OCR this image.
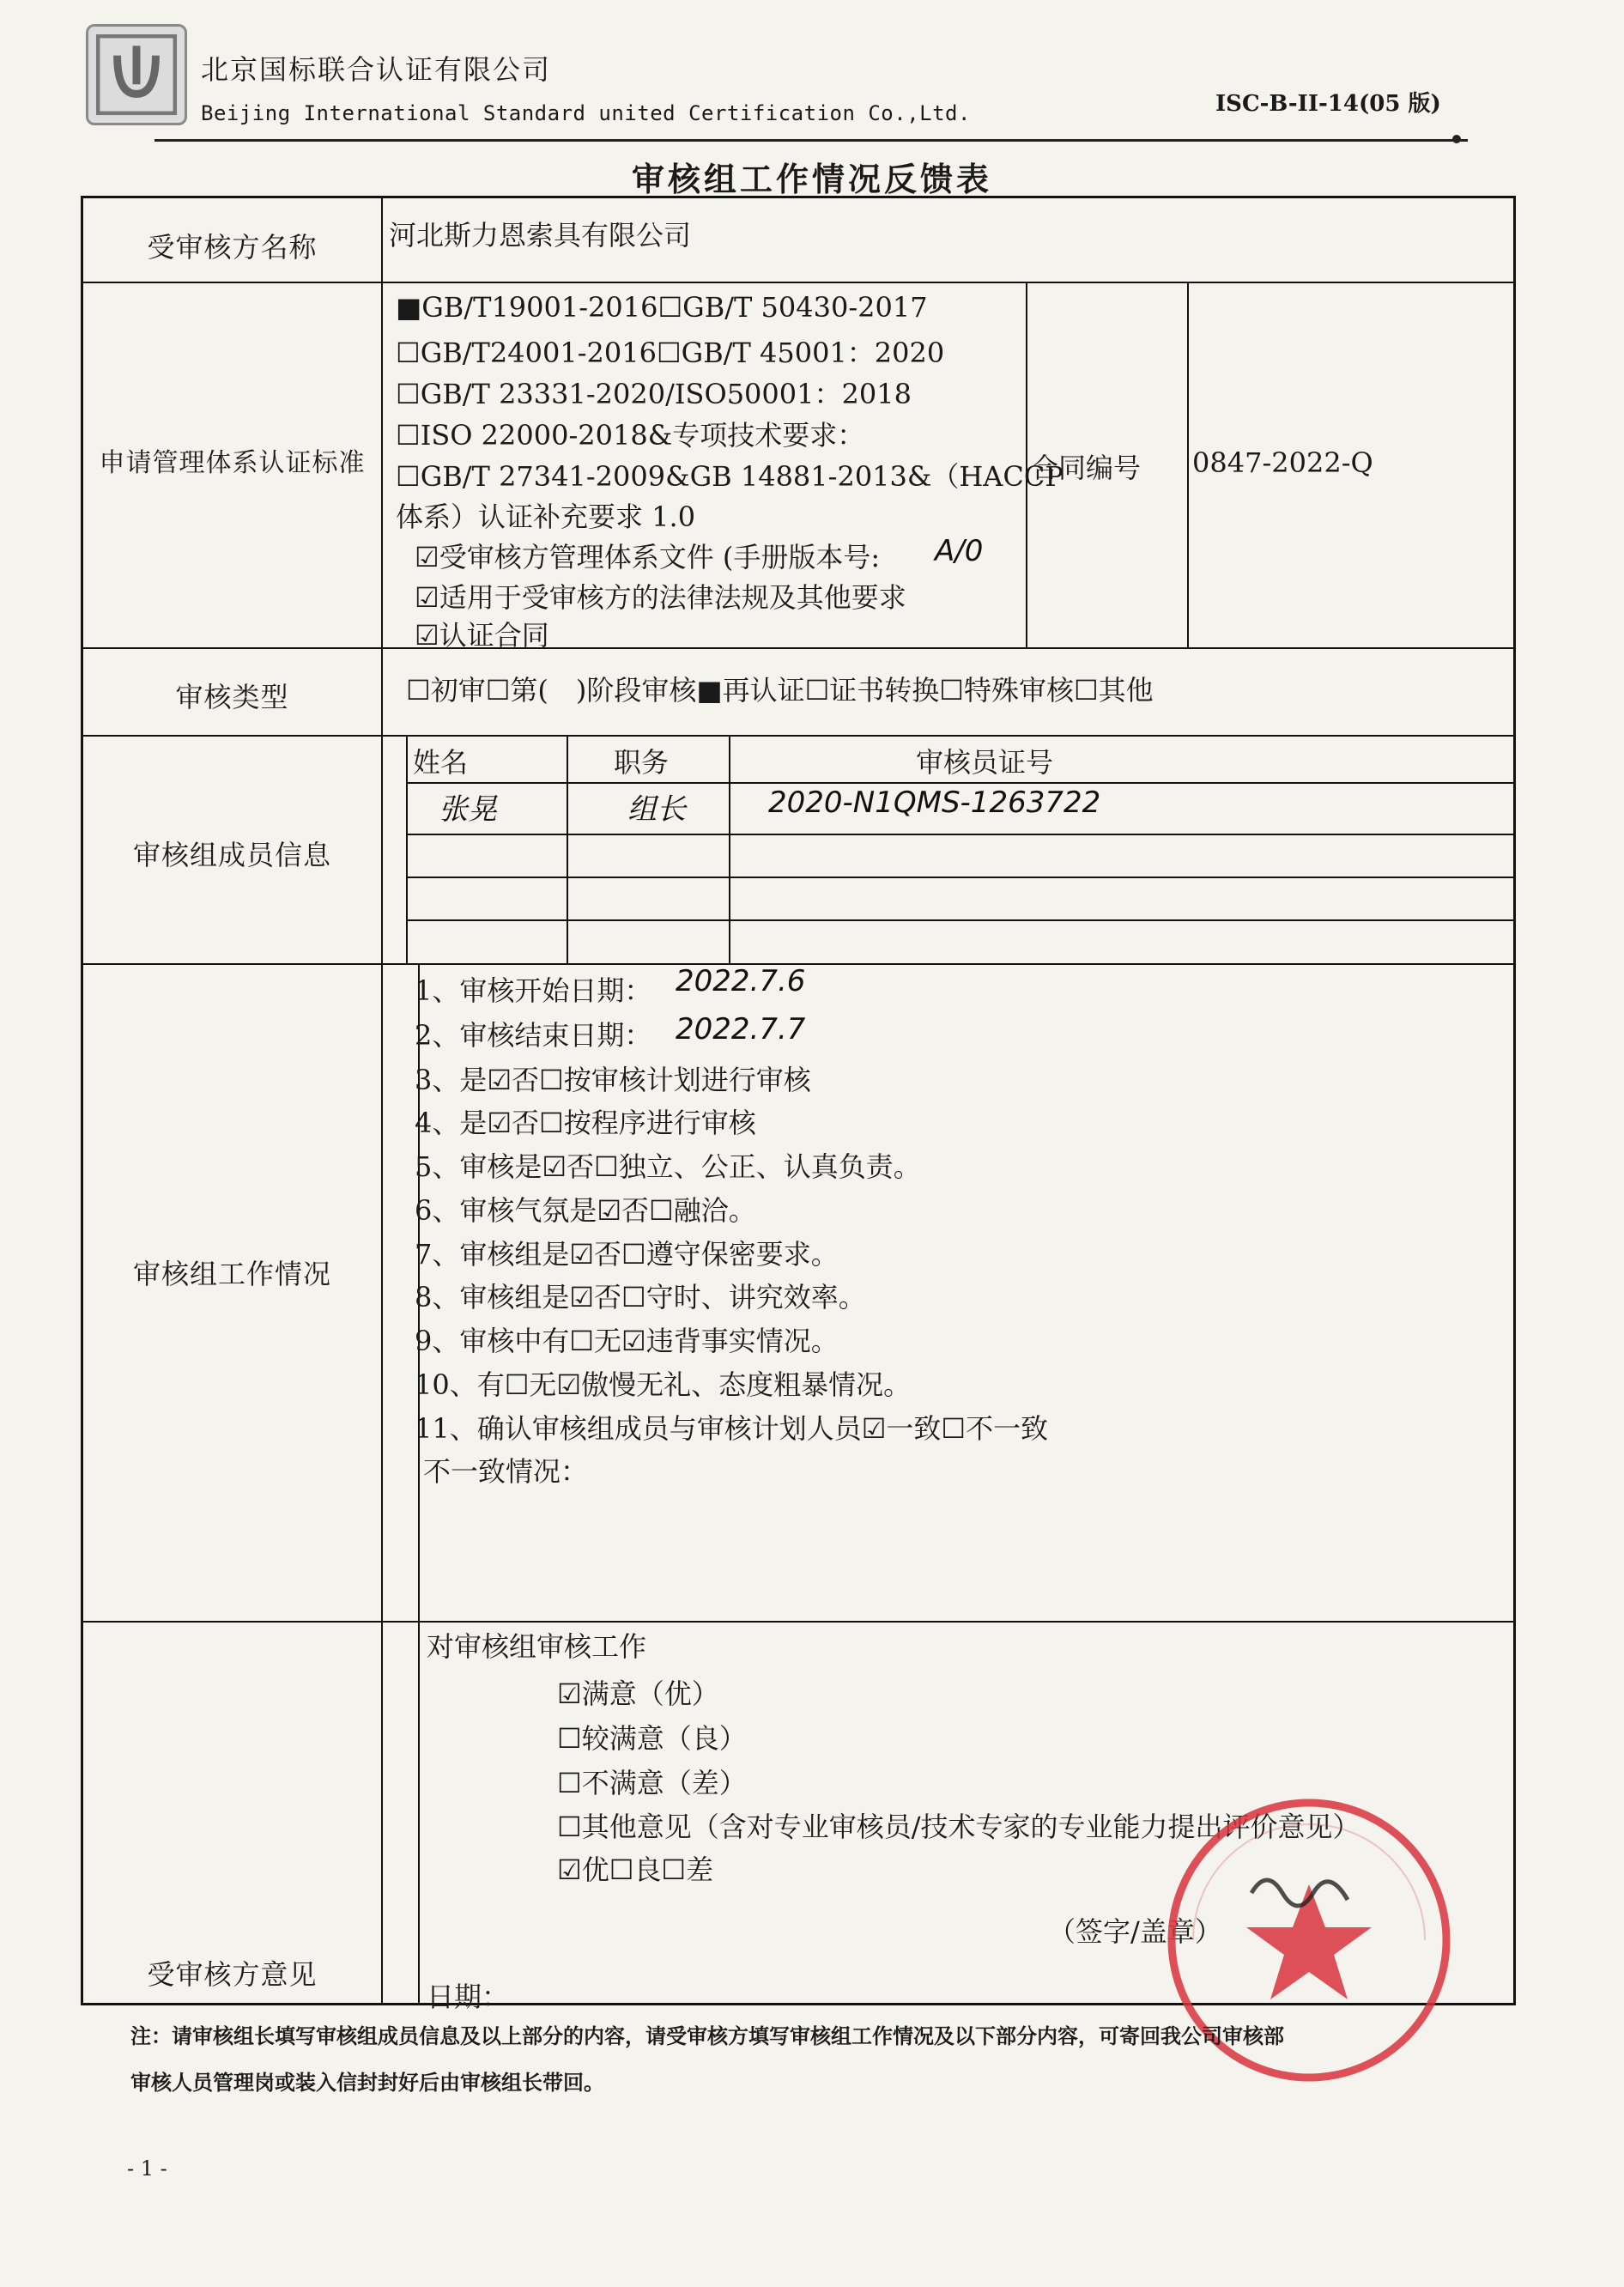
北京国标联合认证有限公司
Beijing International Standard united Certification Co.,Ltd.	ISC-B-II-14(05 版)
审核组工作情况反馈表
受审核方名称	河北斯力恩索具有限公司
申请管理体系认证标准
■GB/T19001-2016☐GB/T 50430-2017
☐GB/T24001-2016☐GB/T 45001：2020
☐GB/T 23331-2020/ISO50001：2018
☐ISO 22000-2018&专项技术要求：
☐GB/T 27341-2009&GB 14881-2013&（HACCP
体系）认证补充要求 1.0
☑受审核方管理体系文件 (手册版本号: A/0
☑适用于受审核方的法律法规及其他要求
☑认证合同
合同编号 0847-2022-Q
审核类型	☐初审☐第(　)阶段审核■再认证☐证书转换☐特殊审核☐其他
审核组成员信息
姓名	职务	审核员证号
张晃	组长	2020-N1QMS-1263722
审核组工作情况
1、审核开始日期： 2022.7.6
2、审核结束日期： 2022.7.7
3、是☑否☐按审核计划进行审核
4、是☑否☐按程序进行审核
5、审核是☑否☐独立、公正、认真负责。
6、审核气氛是☑否☐融洽。
7、审核组是☑否☐遵守保密要求。
8、审核组是☑否☐守时、讲究效率。
9、审核中有☐无☑违背事实情况。
10、有☐无☑傲慢无礼、态度粗暴情况。
11、确认审核组成员与审核计划人员☑一致☐不一致
不一致情况：
受审核方意见
对审核组审核工作
☑满意（优）
☐较满意（良）
☐不满意（差）
☐其他意见（含对专业审核员/技术专家的专业能力提出评价意见）
☑优☐良☐差
（签字/盖章）
日期：
注：请审核组长填写审核组成员信息及以上部分的内容，请受审核方填写审核组工作情况及以下部分内容，可寄回我公司审核部
审核人员管理岗或装入信封封好后由审核组长带回。
- 1 -
